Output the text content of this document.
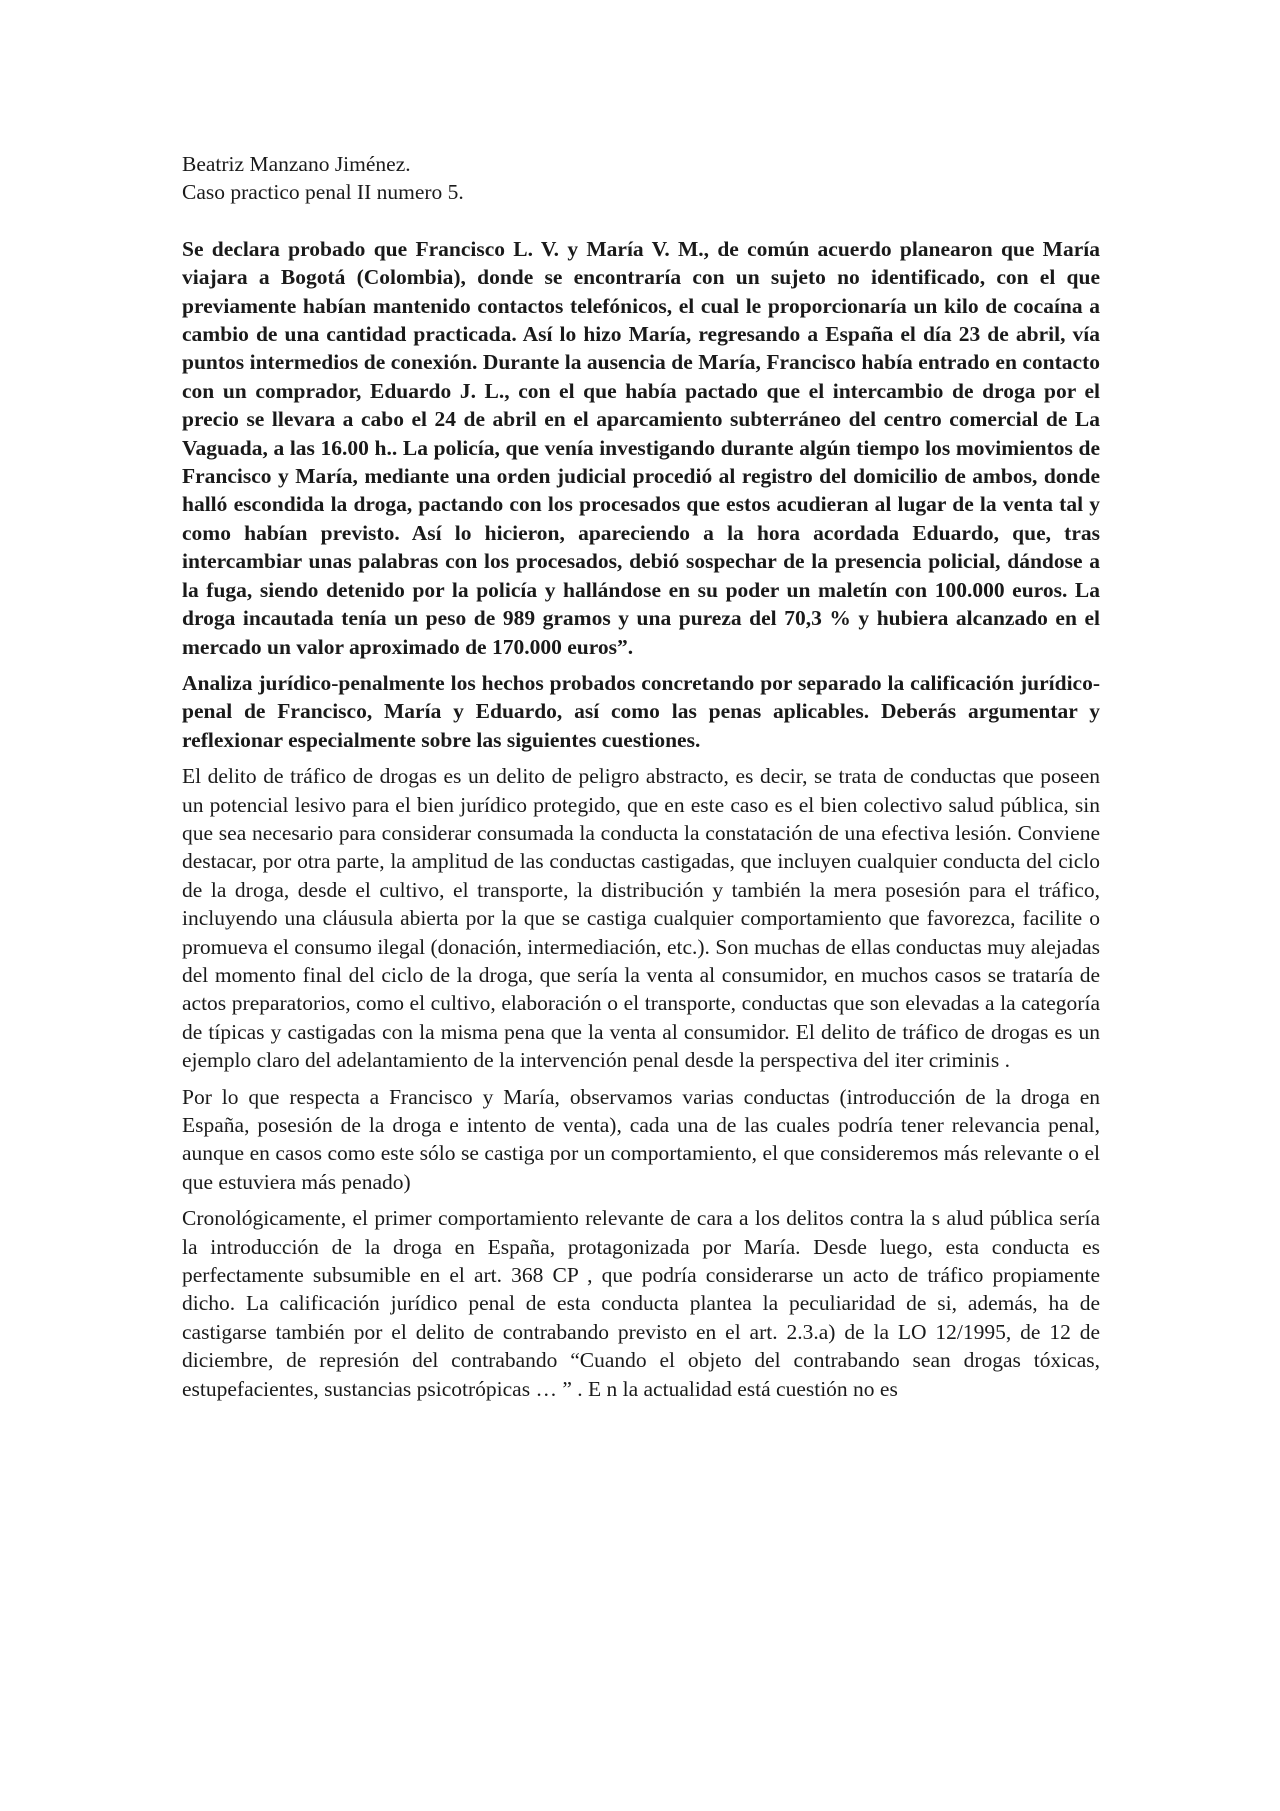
Beatriz Manzano Jiménez.

Caso practico penal II numero 5.

Se declara probado que Francisco L. V. y María V. M., de común acuerdo planearon que María viajara a Bogotá (Colombia), donde se encontraría con un sujeto no identificado, con el que previamente habían mantenido contactos telefónicos, el cual le proporcionaría un kilo de cocaína a cambio de una cantidad practicada. Así lo hizo María, regresando a España el día 23 de abril, vía puntos intermedios de conexión. Durante la ausencia de María, Francisco había entrado en contacto con un comprador, Eduardo J. L., con el que había pactado que el intercambio de droga por el precio se llevara a cabo el 24 de abril en el aparcamiento subterráneo del centro comercial de La Vaguada, a las 16.00 h.. La policía, que venía investigando durante algún tiempo los movimientos de Francisco y María, mediante una orden judicial procedió al registro del domicilio de ambos, donde halló escondida la droga, pactando con los procesados que estos acudieran al lugar de la venta tal y como habían previsto. Así lo hicieron, apareciendo a la hora acordada Eduardo, que, tras intercambiar unas palabras con los procesados, debió sospechar de la presencia policial, dándose a la fuga, siendo detenido por la policía y hallándose en su poder un maletín con 100.000 euros. La droga incautada tenía un peso de 989 gramos y una pureza del 70,3 % y hubiera alcanzado en el mercado un valor aproximado de 170.000 euros”.

Analiza jurídico-penalmente los hechos probados concretando por separado la calificación jurídico-penal de Francisco, María y Eduardo, así como las penas aplicables. Deberás argumentar y reflexionar especialmente sobre las siguientes cuestiones.

El delito de tráfico de drogas es un delito de peligro abstracto, es decir, se trata de conductas que poseen un potencial lesivo para el bien jurídico protegido, que en este caso es el bien colectivo salud pública, sin que sea necesario para considerar consumada la conducta la constatación de una efectiva lesión. Conviene destacar, por otra parte, la amplitud de las conductas castigadas, que incluyen cualquier conducta del ciclo de la droga, desde el cultivo, el transporte, la distribución y también la mera posesión para el tráfico, incluyendo una cláusula abierta por la que se castiga cualquier comportamiento que favorezca, facilite o promueva el consumo ilegal (donación, intermediación, etc.). Son muchas de ellas conductas muy alejadas del momento final del ciclo de la droga, que sería la venta al consumidor, en muchos casos se trataría de actos preparatorios, como el cultivo, elaboración o el transporte, conductas que son elevadas a la categoría de típicas y castigadas con la misma pena que la venta al consumidor. El delito de tráfico de drogas es un ejemplo claro del adelantamiento de la intervención penal desde la perspectiva del iter criminis .

Por lo que respecta a Francisco y María, observamos varias conductas (introducción de la droga en España, posesión de la droga e intento de venta), cada una de las cuales podría tener relevancia penal, aunque en casos como este sólo se castiga por un comportamiento, el que consideremos más relevante o el que estuviera más penado)

Cronológicamente, el primer comportamiento relevante de cara a los delitos contra la s alud pública sería la introducción de la droga en España, protagonizada por María. Desde luego, esta conducta es perfectamente subsumible en el art. 368 CP , que podría considerarse un acto de tráfico propiamente dicho. La calificación jurídico penal de esta conducta plantea la peculiaridad de si, además, ha de castigarse también por el delito de contrabando previsto en el art. 2.3.a) de la LO 12/1995, de 12 de diciembre, de represión del contrabando “Cuando el objeto del contrabando sean drogas tóxicas, estupefacientes, sustancias psicotrópicas … ” . E n la actualidad está cuestión no es
